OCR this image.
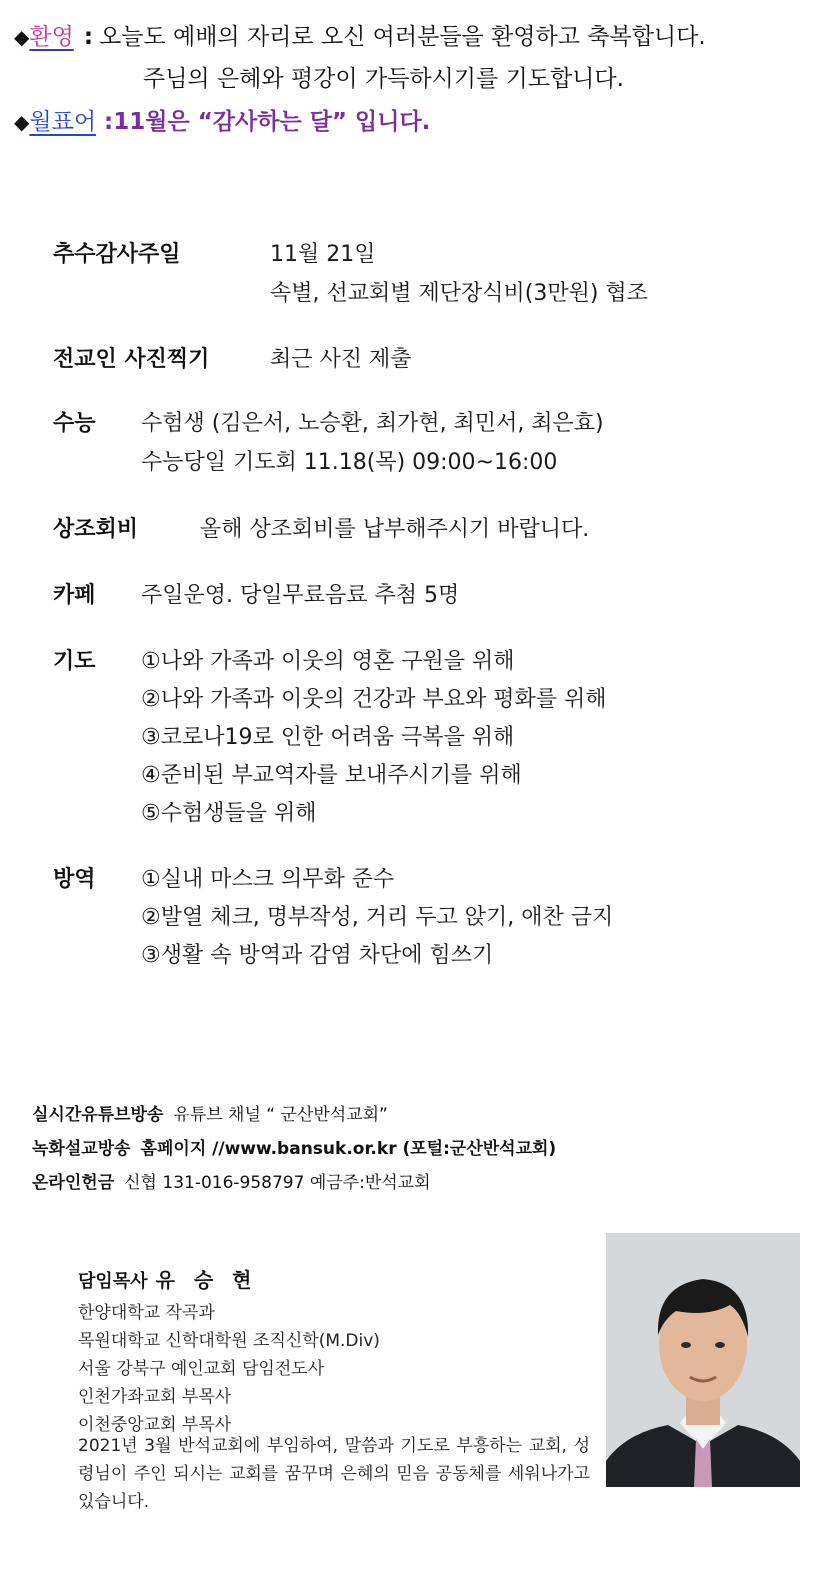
◆환영 : 오늘도 예배의 자리로 오신 여러분들을 환영하고 축복합니다.
주님의 은혜와 평강이 가득하시기를 기도합니다.
◆월표어 :11월은 “감사하는 달” 입니다.
추수감사주일	11월 21일
속별, 선교회별 제단장식비(3만원) 협조
전교인 사진찍기	최근 사진 제출
수능 수험생 (김은서, 노승환, 최가현, 최민서, 최은효)
수능당일 기도회 11.18(목) 09:00~16:00
상조회비	올해 상조회비를 납부해주시기 바랍니다.
카페 주일운영. 당일무료음료 추첨 5명
기도 ①나와 가족과 이웃의 영혼 구원을 위해
②나와 가족과 이웃의 건강과 부요와 평화를 위해
③코로나19로 인한 어려움 극복을 위해
④준비된 부교역자를 보내주시기를 위해
⑤수험생들을 위해
방역 ①실내 마스크 의무화 준수
②발열 체크, 명부작성, 거리 두고 앉기, 애찬 금지
③생활 속 방역과 감염 차단에 힘쓰기
실시간유튜브방송 유튜브 채널 “ 군산반석교회”
녹화설교방송 홈페이지 //www.bansuk.or.kr (포털:군산반석교회)
온라인헌금 신협 131-016-958797 예금주:반석교회
담임목사 유 승 현
한양대학교 작곡과
목원대학교 신학대학원 조직신학(M.Div)
서울 강북구 예인교회 담임전도사
인천가좌교회 부목사
이천중앙교회 부목사
2021년 3월 반석교회에 부임하여, 말씀과 기도로 부흥하는 교회, 성령님이 주인 되시는 교회를 꿈꾸며 은혜의 믿음 공동체를 세워나가고 있습니다.
